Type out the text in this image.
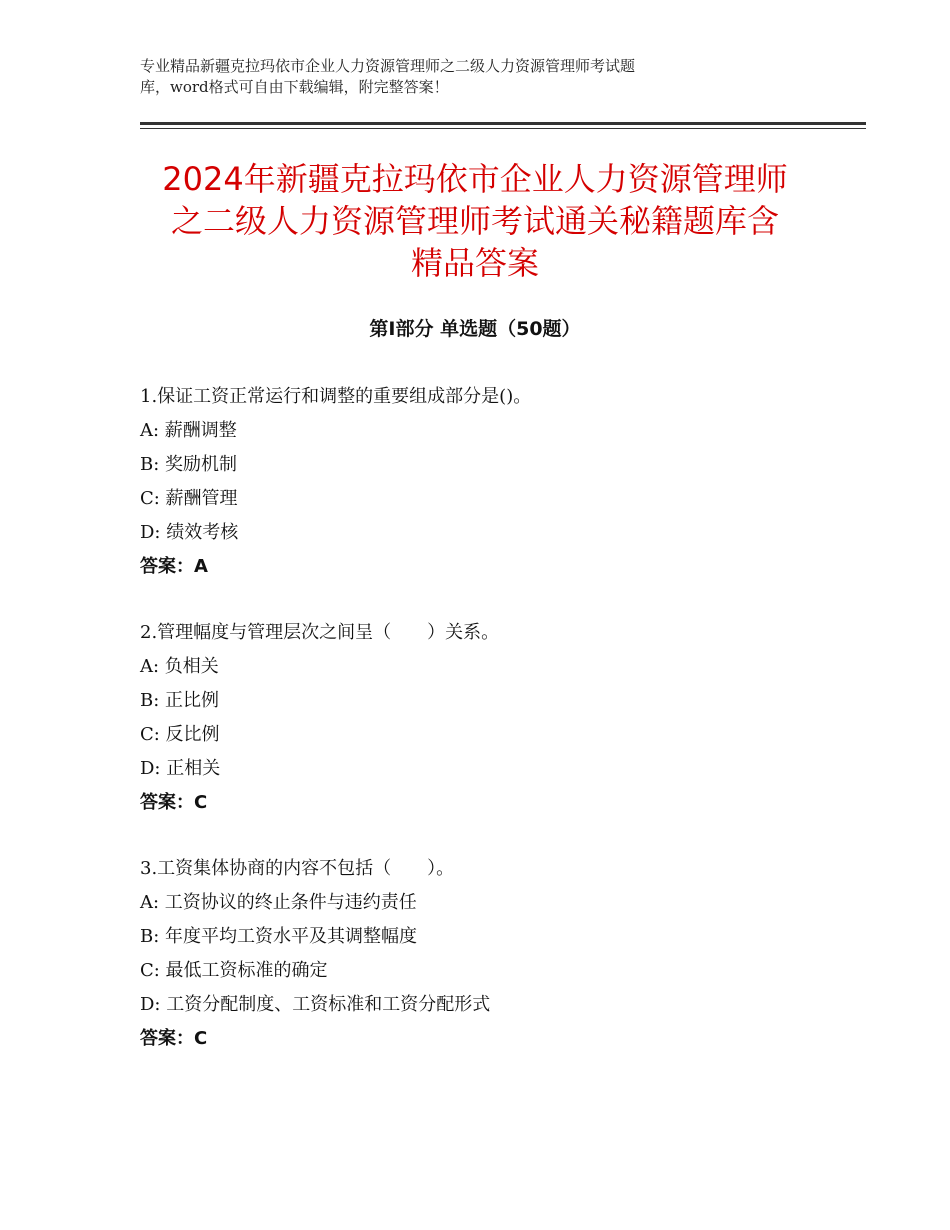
专业精品新疆克拉玛依市企业人力资源管理师之二级人力资源管理师考试题
库，word格式可自由下载编辑，附完整答案！
2024年新疆克拉玛依市企业人力资源管理师
之二级人力资源管理师考试通关秘籍题库含
精品答案
第Ⅰ部分 单选题（50题）
1.保证工资正常运行和调整的重要组成部分是()。
A: 薪酬调整
B: 奖励机制
C: 薪酬管理
D: 绩效考核
答案：A
2.管理幅度与管理层次之间呈（　　）关系。
A: 负相关
B: 正比例
C: 反比例
D: 正相关
答案：C
3.工资集体协商的内容不包括（　　）。
A: 工资协议的终止条件与违约责任
B: 年度平均工资水平及其调整幅度
C: 最低工资标准的确定
D: 工资分配制度、工资标准和工资分配形式
答案：C
